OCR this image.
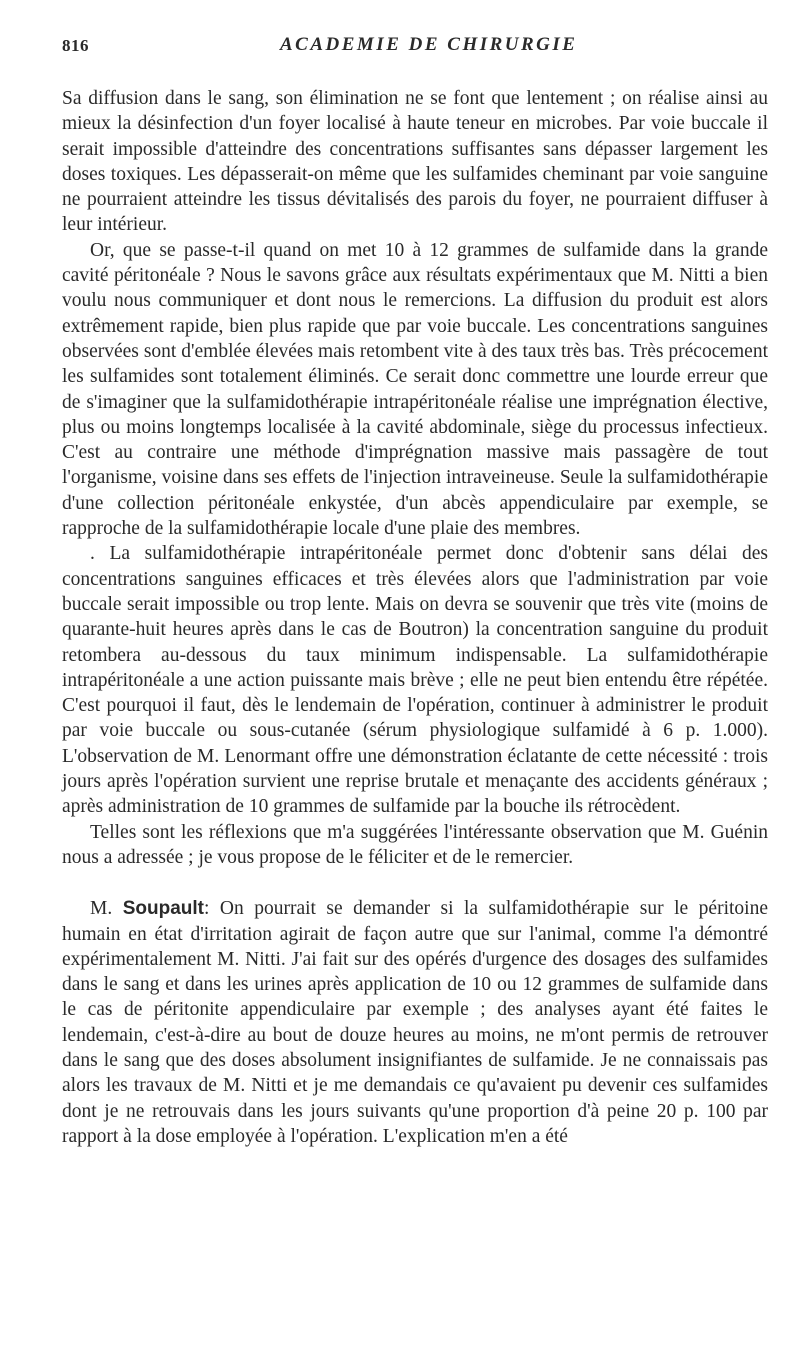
816	ACADEMIE DE CHIRURGIE

Sa diffusion dans le sang, son élimination ne se font que lentement ; on réalise ainsi au mieux la désinfection d'un foyer localisé à haute teneur en microbes. Par voie buccale il serait impossible d'atteindre des concentrations suffisantes sans dépasser largement les doses toxiques. Les dépasserait-on même que les sulfamides cheminant par voie sanguine ne pourraient atteindre les tissus dévitalisés des parois du foyer, ne pourraient diffuser à leur intérieur.

Or, que se passe-t-il quand on met 10 à 12 grammes de sulfamide dans la grande cavité péritonéale ? Nous le savons grâce aux résultats expérimentaux que M. Nitti a bien voulu nous communiquer et dont nous le remercions. La diffusion du produit est alors extrêmement rapide, bien plus rapide que par voie buccale. Les concentrations sanguines observées sont d'emblée élevées mais retombent vite à des taux très bas. Très précocement les sulfamides sont totalement éliminés. Ce serait donc commettre une lourde erreur que de s'imaginer que la sulfamidothérapie intrapéritonéale réalise une imprégnation élective, plus ou moins longtemps localisée à la cavité abdominale, siège du processus infectieux. C'est au contraire une méthode d'imprégnation massive mais passagère de tout l'organisme, voisine dans ses effets de l'injection intraveineuse. Seule la sulfamidothérapie d'une collection péritonéale enkystée, d'un abcès appendiculaire par exemple, se rapproche de la sulfamidothérapie locale d'une plaie des membres.

. La sulfamidothérapie intrapéritonéale permet donc d'obtenir sans délai des concentrations sanguines efficaces et très élevées alors que l'administration par voie buccale serait impossible ou trop lente. Mais on devra se souvenir que très vite (moins de quarante-huit heures après dans le cas de Boutron) la concentration sanguine du produit retombera au-dessous du taux minimum indispensable. La sulfamidothérapie intrapéritonéale a une action puissante mais brève ; elle ne peut bien entendu être répétée. C'est pourquoi il faut, dès le lendemain de l'opération, continuer à administrer le produit par voie buccale ou sous-cutanée (sérum physiologique sulfamidé à 6 p. 1.000). L'observation de M. Lenormant offre une démonstration éclatante de cette nécessité : trois jours après l'opération survient une reprise brutale et menaçante des accidents généraux ; après administration de 10 grammes de sulfamide par la bouche ils rétrocèdent.

Telles sont les réflexions que m'a suggérées l'intéressante observation que M. Guénin nous a adressée ; je vous propose de le féliciter et de le remercier.

M. Soupault: On pourrait se demander si la sulfamidothérapie sur le péritoine humain en état d'irritation agirait de façon autre que sur l'animal, comme l'a démontré expérimentalement M. Nitti. J'ai fait sur des opérés d'urgence des dosages des sulfamides dans le sang et dans les urines après application de 10 ou 12 grammes de sulfamide dans le cas de péritonite appendiculaire par exemple ; des analyses ayant été faites le lendemain, c'est-à-dire au bout de douze heures au moins, ne m'ont permis de retrouver dans le sang que des doses absolument insignifiantes de sulfamide. Je ne connaissais pas alors les travaux de M. Nitti et je me demandais ce qu'avaient pu devenir ces sulfamides dont je ne retrouvais dans les jours suivants qu'une proportion d'à peine 20 p. 100 par rapport à la dose employée à l'opération. L'explication m'en a été
